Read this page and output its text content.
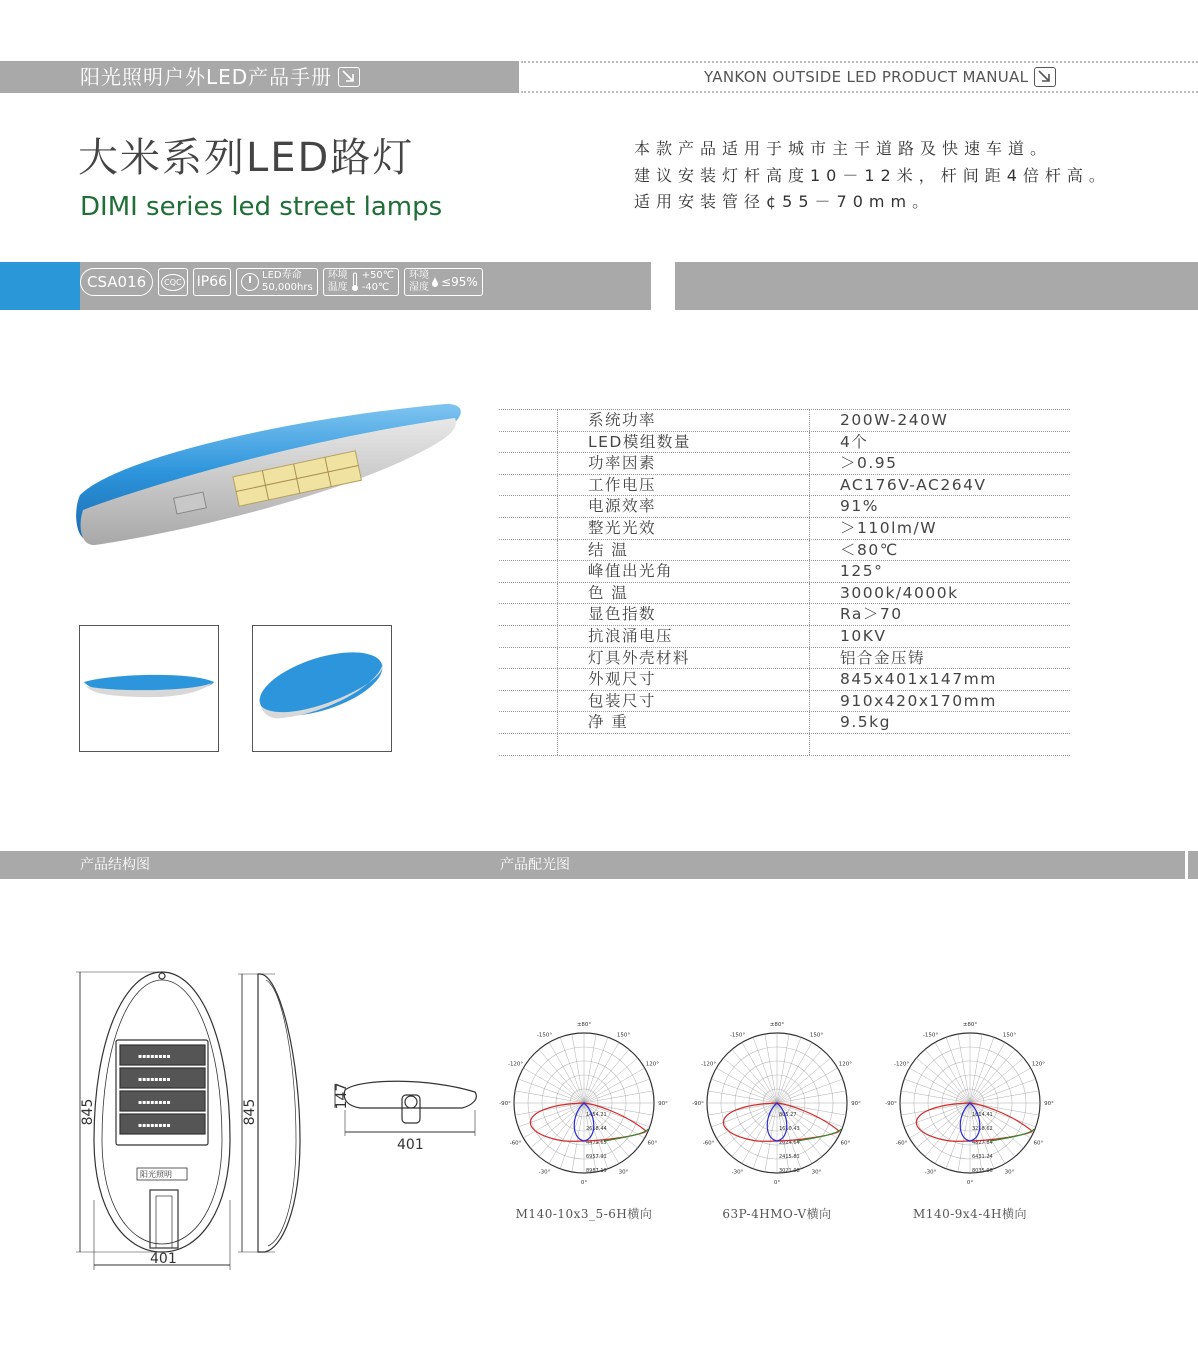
阳光照明户外LED产品手册	YANKON OUTSIDE LED PRODUCT MANUAL
大米系列LED路灯
DIMI series led street lamps
本款产品适用于城市主干道路及快速车道。
建议安装灯杆高度10－12米，杆间距4倍杆高。
适用安装管径¢55－70mm。
CSA016	CQC IP66	LED寿命
50,000hrs
环境
温度
+50℃
-40℃
环境
湿度 ≤95%
系统功率	200W-240W
LED模组数量	4个
功率因素	＞0.95
工作电压	AC176V-AC264V
电源效率	91%
整光光效	＞110lm/W
结 温	＜80℃
峰值出光角	125°
色 温	3000k/4000k
显色指数	Ra＞70
抗浪涌电压	10KV
灯具外壳材料	铝合金压铸
外观尺寸	845x401x147mm
包装尺寸	910x420x170mm
净 重	9.5kg
产品结构图	产品配光图
▪▪▪▪▪▪▪▪
▪▪▪▪▪▪▪▪
▪▪▪▪▪▪▪▪
▪▪▪▪▪▪▪▪
阳光照明
845
401
845
147
401
±80°
150°
120°
90°
60°
30°
0°
-30°
-60°
-90°
-120°
-150°
1454.21
2618.44
4479.65
6957.91
8987.19
M140-10x3_5-6H横向
±80°
150°
120°
90°
60°
30°
0°
-30°
-60°
-90°
-120°
-150°
805.27
1610.43
2024.64
2415.81
3021.08
63P-4HMO-V横向
±80°
150°
120°
90°
60°
30°
0°
-30°
-60°
-90°
-120°
-150°
1614.41
3218.62
4827.84
6431.24
8035.06
M140-9x4-4H横向
